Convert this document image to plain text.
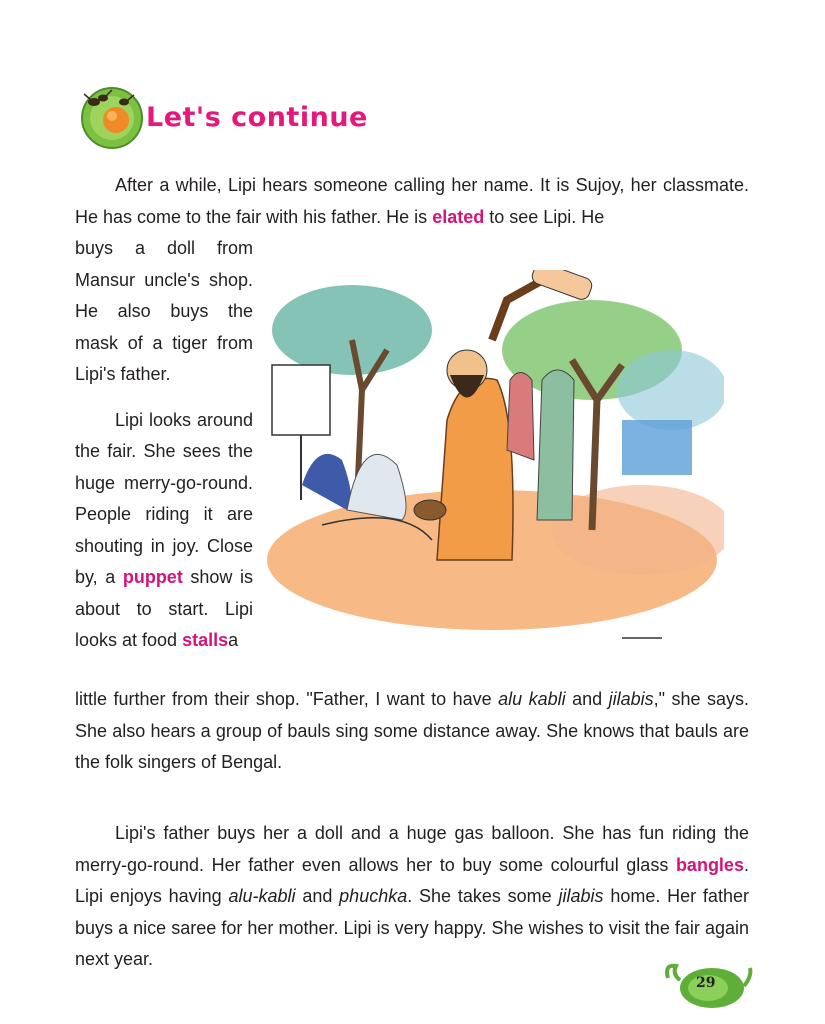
Let's continue

After a while, Lipi hears someone calling her name. It is Sujoy, her classmate. He has come to the fair with his father. He is elated to see Lipi. He

buys a doll from Mansur uncle's shop. He also buys the mask of a tiger from Lipi's father.

Lipi looks around the fair. She sees the huge merry-go-round. People riding it are shouting in joy. Close by, a puppet show is about to start. Lipi looks at food stallsa

little further from their shop. "Father, I want to have alu kabli and jilabis," she says. She also hears a group of bauls sing some distance away. She knows that bauls are the folk singers of Bengal.

Lipi's father buys her a doll and a huge gas balloon. She has fun riding the merry-go-round. Her father even allows her to buy some colourful glass bangles. Lipi enjoys having alu-kabli and phuchka. She takes some jilabis home. Her father buys a nice saree for her mother. Lipi is very happy. She wishes to visit the fair again next year.

29
